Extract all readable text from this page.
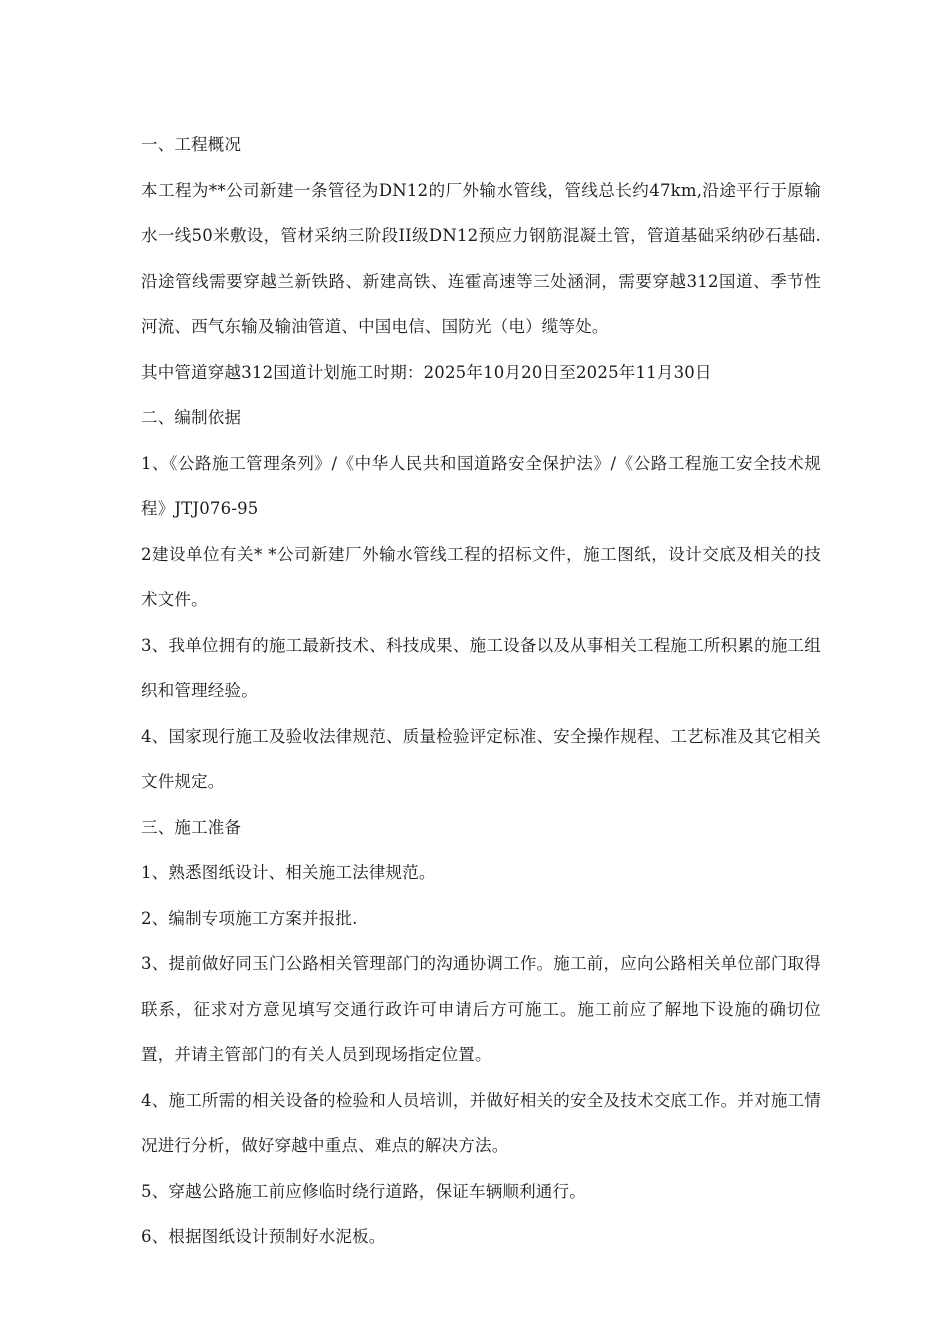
一、工程概况

本工程为**公司新建一条管径为DN12的厂外输水管线，管线总长约47km,沿途平行于原输水一线50米敷设，管材采纳三阶段II级DN12预应力钢筋混凝土管，管道基础采纳砂石基础.沿途管线需要穿越兰新铁路、新建高铁、连霍高速等三处涵洞，需要穿越312国道、季节性河流、西气东输及输油管道、中国电信、国防光（电）缆等处。

其中管道穿越312国道计划施工时期：2025年10月20日至2025年11月30日

二、编制依据

1、《公路施工管理条列》/《中华人民共和国道路安全保护法》/《公路工程施工安全技术规程》JTJ076-95

2建设单位有关* *公司新建厂外输水管线工程的招标文件，施工图纸，设计交底及相关的技术文件。

3、我单位拥有的施工最新技术、科技成果、施工设备以及从事相关工程施工所积累的施工组织和管理经验。

4、国家现行施工及验收法律规范、质量检验评定标准、安全操作规程、工艺标准及其它相关文件规定。

三、施工准备

1、熟悉图纸设计、相关施工法律规范。

2、编制专项施工方案并报批.

3、提前做好同玉门公路相关管理部门的沟通协调工作。施工前，应向公路相关单位部门取得联系，征求对方意见填写交通行政许可申请后方可施工。施工前应了解地下设施的确切位置，并请主管部门的有关人员到现场指定位置。

4、施工所需的相关设备的检验和人员培训，并做好相关的安全及技术交底工作。并对施工情况进行分析，做好穿越中重点、难点的解决方法。

5、穿越公路施工前应修临时绕行道路，保证车辆顺利通行。

6、根据图纸设计预制好水泥板。
